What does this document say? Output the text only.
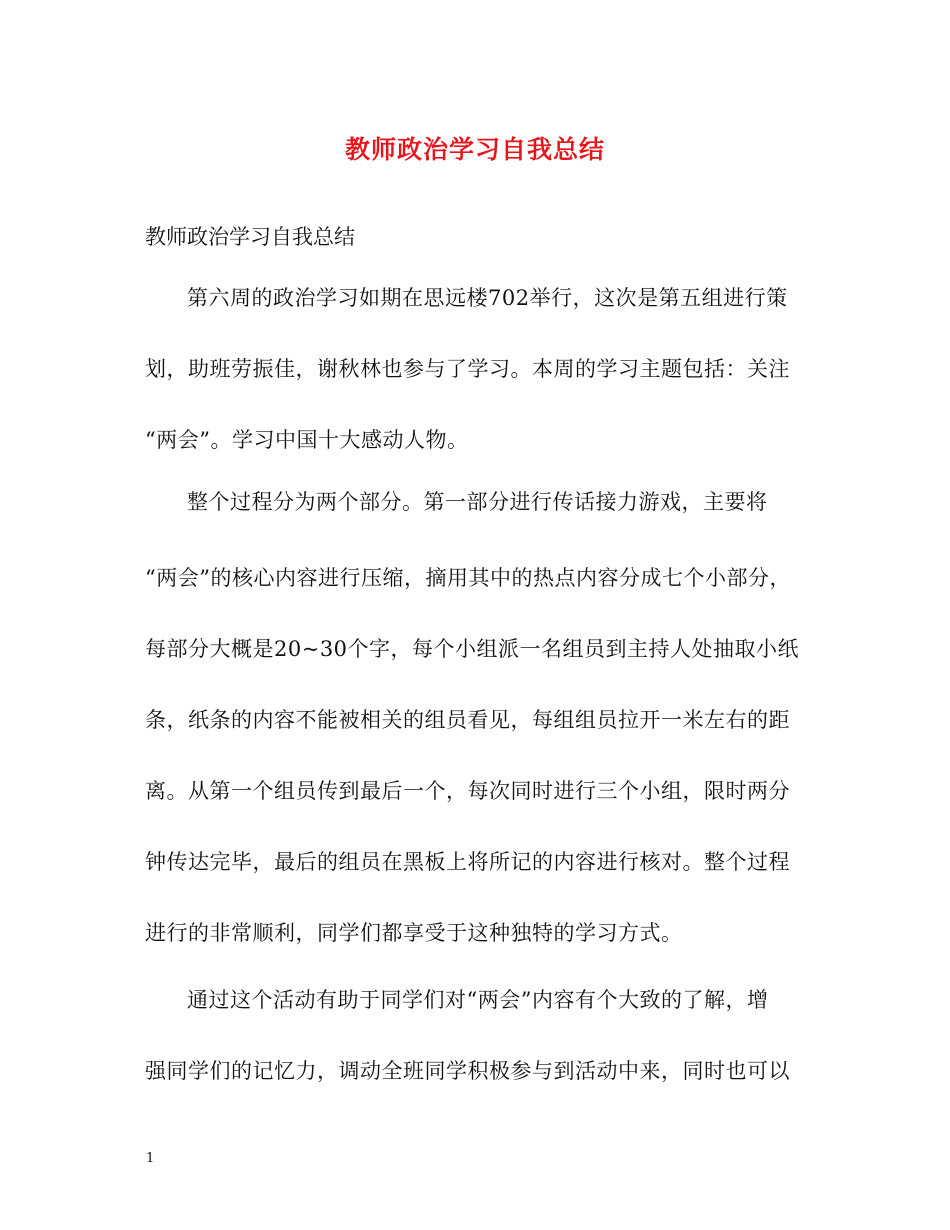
教师政治学习自我总结
教师政治学习自我总结
第六周的政治学习如期在思远楼702举行，这次是第五组进行策
划，助班劳振佳，谢秋林也参与了学习。本周的学习主题包括：关注
“两会”。学习中国十大感动人物。
整个过程分为两个部分。第一部分进行传话接力游戏，主要将
“两会”的核心内容进行压缩，摘用其中的热点内容分成七个小部分，
每部分大概是20~30个字，每个小组派一名组员到主持人处抽取小纸
条，纸条的内容不能被相关的组员看见，每组组员拉开一米左右的距
离。从第一个组员传到最后一个，每次同时进行三个小组，限时两分
钟传达完毕，最后的组员在黑板上将所记的内容进行核对。整个过程
进行的非常顺利，同学们都享受于这种独特的学习方式。
通过这个活动有助于同学们对“两会”内容有个大致的了解，增
强同学们的记忆力，调动全班同学积极参与到活动中来，同时也可以
1
